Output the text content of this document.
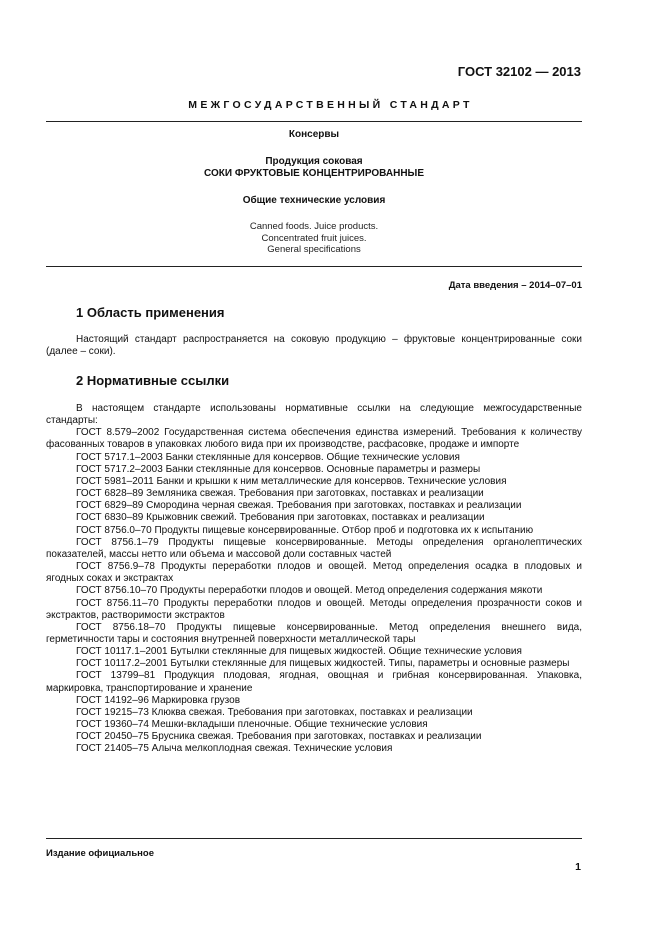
ГОСТ 32102 — 2013
МЕЖГОСУДАРСТВЕННЫЙ СТАНДАРТ
Консервы
Продукция соковая
СОКИ ФРУКТОВЫЕ КОНЦЕНТРИРОВАННЫЕ
Общие технические условия
Canned foods. Juice products.
Concentrated fruit juices.
General specifications
Дата введения – 2014–07–01
1 Область применения

Настоящий стандарт распространяется на соковую продукцию – фруктовые концентрированные соки (далее – соки).

2 Нормативные ссылки

В настоящем стандарте использованы нормативные ссылки на следующие межгосударственные стандарты:

ГОСТ 8.579–2002 Государственная система обеспечения единства измерений. Требования к количеству фасованных товаров в упаковках любого вида при их производстве, расфасовке, продаже и импорте

ГОСТ 5717.1–2003 Банки стеклянные для консервов. Общие технические условия

ГОСТ 5717.2–2003 Банки стеклянные для консервов. Основные параметры и размеры

ГОСТ 5981–2011 Банки и крышки к ним металлические для консервов. Технические условия

ГОСТ 6828–89 Земляника свежая. Требования при заготовках, поставках и реализации

ГОСТ 6829–89 Смородина черная свежая. Требования при заготовках, поставках и реализации

ГОСТ 6830–89 Крыжовник свежий. Требования при заготовках, поставках и реализации

ГОСТ 8756.0–70 Продукты пищевые консервированные. Отбор проб и подготовка их к испытанию

ГОСТ 8756.1–79 Продукты пищевые консервированные. Методы определения органолептических показателей, массы нетто или объема и массовой доли составных частей

ГОСТ 8756.9–78 Продукты переработки плодов и овощей. Метод определения осадка в плодовых и ягодных соках и экстрактах

ГОСТ 8756.10–70 Продукты переработки плодов и овощей. Метод определения содержания мякоти

ГОСТ 8756.11–70 Продукты переработки плодов и овощей. Методы определения прозрачности соков и экстрактов, растворимости экстрактов

ГОСТ 8756.18–70 Продукты пищевые консервированные. Метод определения внешнего вида, герметичности тары и состояния внутренней поверхности металлической тары

ГОСТ 10117.1–2001 Бутылки стеклянные для пищевых жидкостей. Общие технические условия

ГОСТ 10117.2–2001 Бутылки стеклянные для пищевых жидкостей. Типы, параметры и основные размеры

ГОСТ 13799–81 Продукция плодовая, ягодная, овощная и грибная консервированная. Упаковка, маркировка, транспортирование и хранение

ГОСТ 14192–96 Маркировка грузов

ГОСТ 19215–73 Клюква свежая. Требования при заготовках, поставках и реализации

ГОСТ 19360–74 Мешки-вкладыши пленочные. Общие технические условия

ГОСТ 20450–75 Брусника свежая. Требования при заготовках, поставках и реализации

ГОСТ 21405–75 Алыча мелкоплодная свежая. Технические условия

Издание официальное
1
